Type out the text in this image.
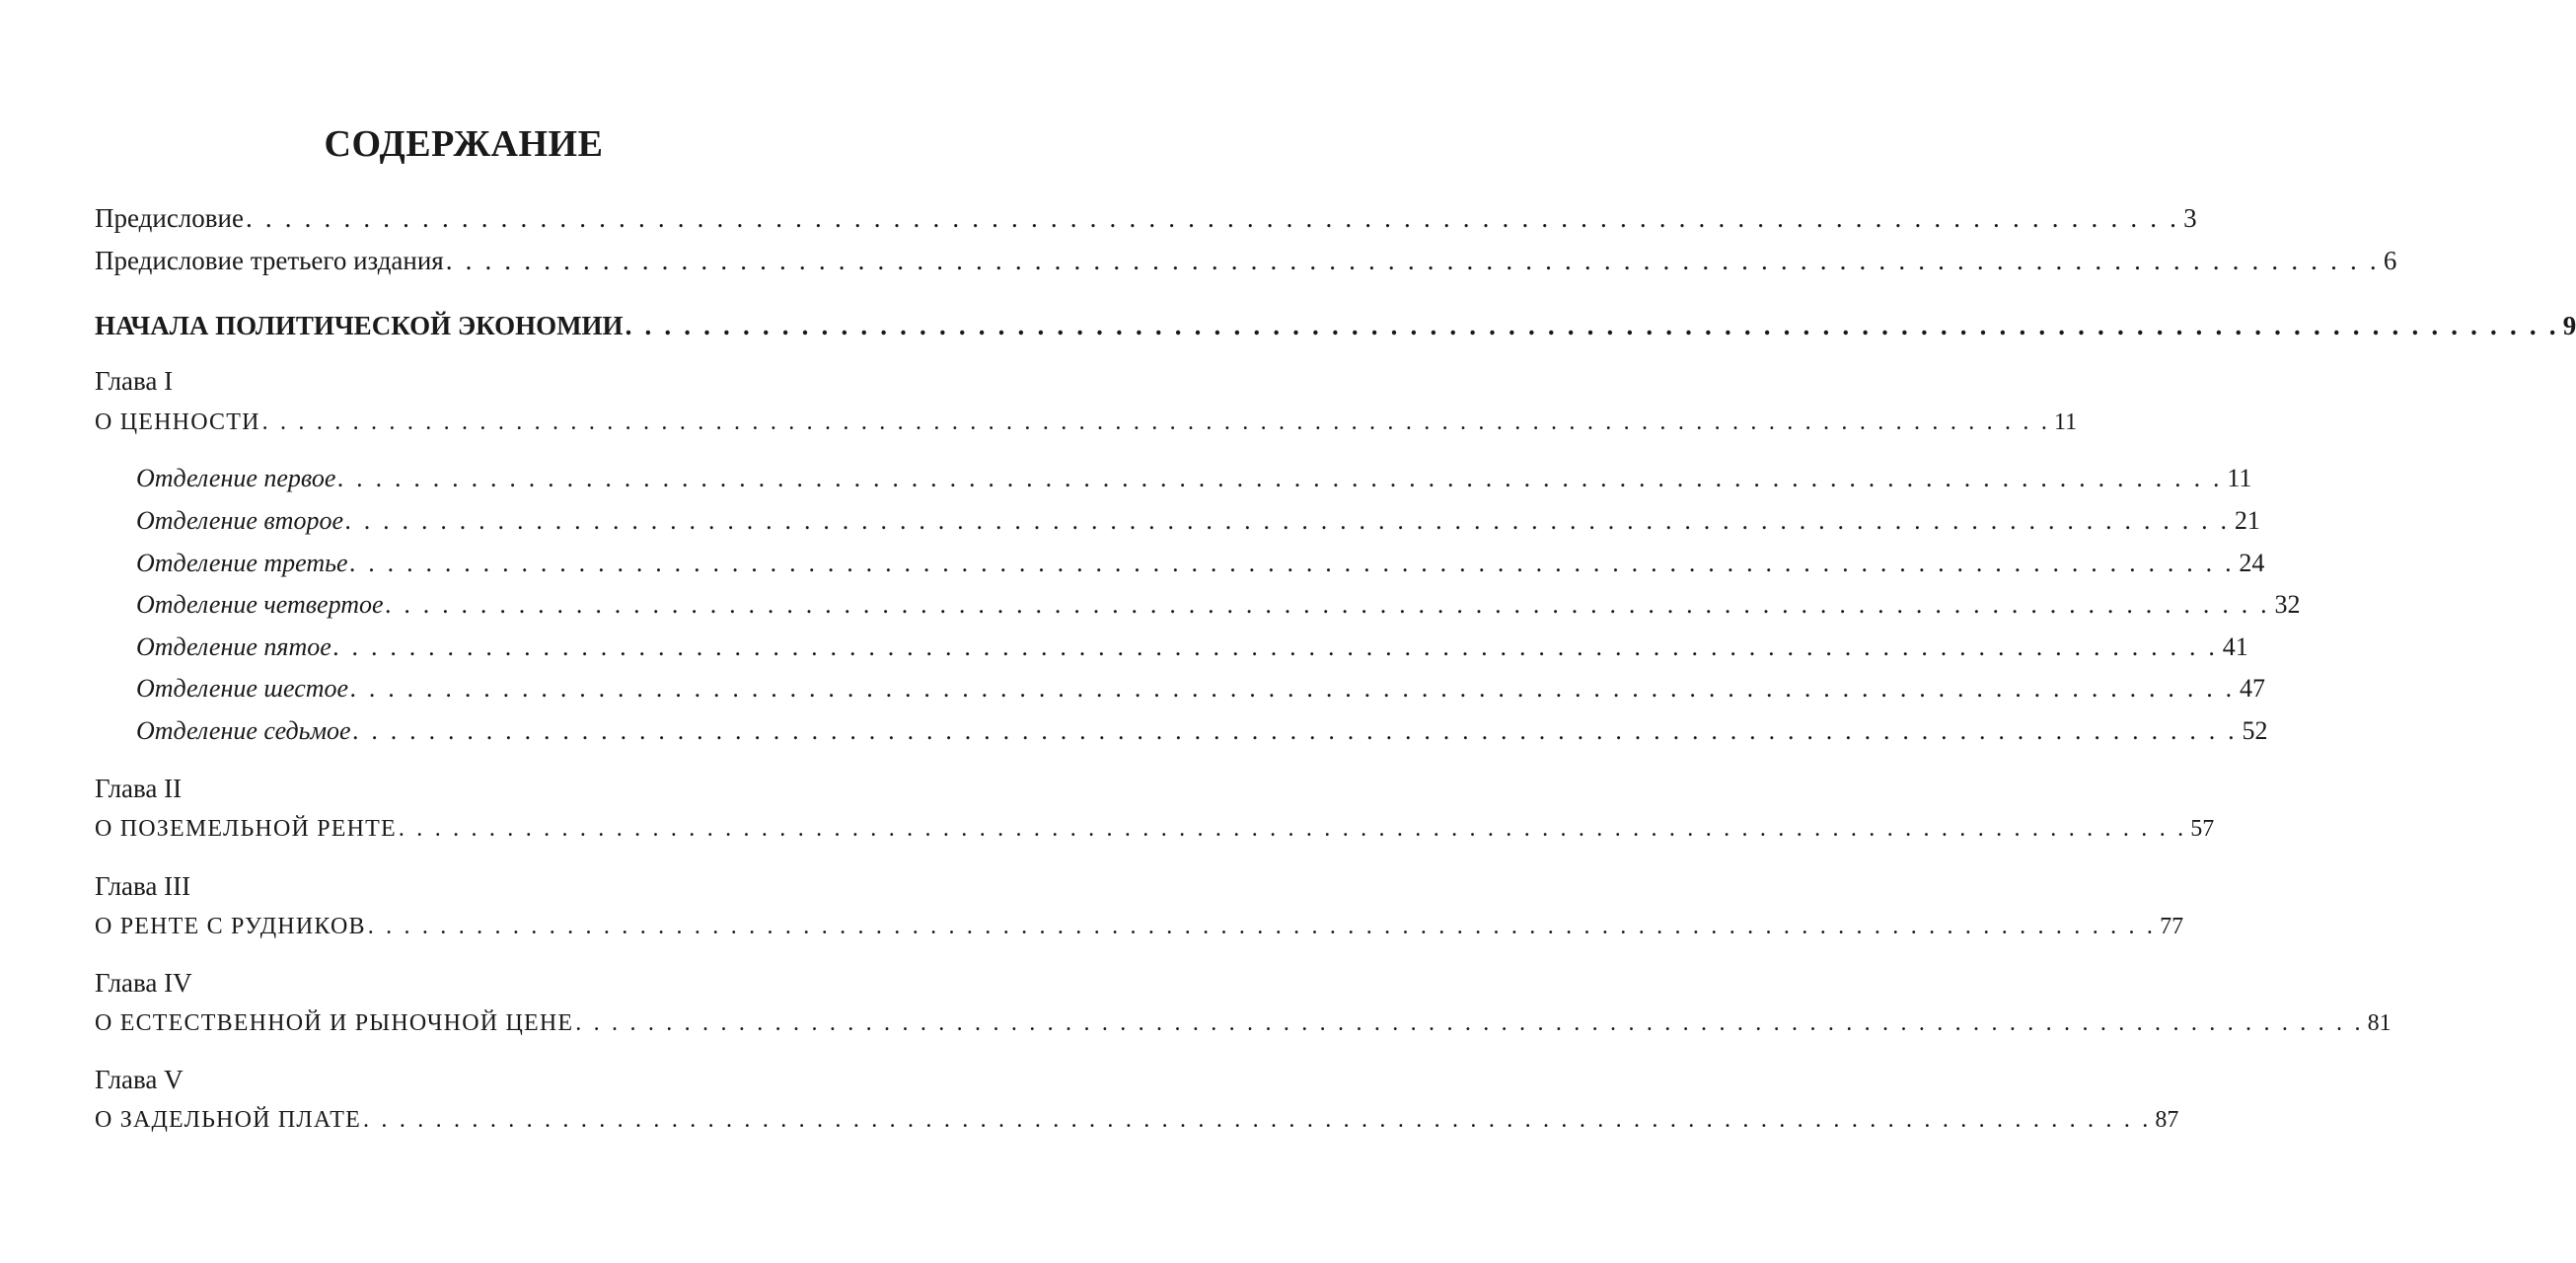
СОДЕРЖАНИЕ
Предисловие . . . . . . . . . . . . . . . . . . . . . . . . . . . . . . . . . . . . . . . . . . . . . . . . . . . . . . . . . . . . . . . . . . . . . . . . . . . . . . . . . . . . . . . . . . . . . . . . . . . 3
Предисловие третьего издания . . . . . . . . . . . . . . . . . . . . . . . . . . . . . . . . . . . . . . . . . . . . . . . . . . . . . . . . . . . . . . . . . . . . . . . . . . . . . . . . . . . . . . . . . . . . . . . . . . . 6
НАЧАЛА ПОЛИТИЧЕСКОЙ ЭКОНОМИИ . . . . . . . . . . . . . . . . . . . . . . . . . . . . . . . . . . . . . . . . . . . . . . . . . . . . . . . . . . . . . . . . . . . . . . . . . . . . . . . . . . . . . . . . . . . . . . . . . . . 9
Глава I
О ЦЕННОСТИ . . . . . . . . . . . . . . . . . . . . . . . . . . . . . . . . . . . . . . . . . . . . . . . . . . . . . . . . . . . . . . . . . . . . . . . . . . . . . . . . . . . . . . . . . . . . . . . . . . . 11
Отделение первое . . . . . . . . . . . . . . . . . . . . . . . . . . . . . . . . . . . . . . . . . . . . . . . . . . . . . . . . . . . . . . . . . . . . . . . . . . . . . . . . . . . . . . . . . . . . . . . . . . . 11
Отделение второе . . . . . . . . . . . . . . . . . . . . . . . . . . . . . . . . . . . . . . . . . . . . . . . . . . . . . . . . . . . . . . . . . . . . . . . . . . . . . . . . . . . . . . . . . . . . . . . . . . . 21
Отделение третье . . . . . . . . . . . . . . . . . . . . . . . . . . . . . . . . . . . . . . . . . . . . . . . . . . . . . . . . . . . . . . . . . . . . . . . . . . . . . . . . . . . . . . . . . . . . . . . . . . . 24
Отделение четвертое . . . . . . . . . . . . . . . . . . . . . . . . . . . . . . . . . . . . . . . . . . . . . . . . . . . . . . . . . . . . . . . . . . . . . . . . . . . . . . . . . . . . . . . . . . . . . . . . . . . 32
Отделение пятое . . . . . . . . . . . . . . . . . . . . . . . . . . . . . . . . . . . . . . . . . . . . . . . . . . . . . . . . . . . . . . . . . . . . . . . . . . . . . . . . . . . . . . . . . . . . . . . . . . . 41
Отделение шестое . . . . . . . . . . . . . . . . . . . . . . . . . . . . . . . . . . . . . . . . . . . . . . . . . . . . . . . . . . . . . . . . . . . . . . . . . . . . . . . . . . . . . . . . . . . . . . . . . . . 47
Отделение седьмое . . . . . . . . . . . . . . . . . . . . . . . . . . . . . . . . . . . . . . . . . . . . . . . . . . . . . . . . . . . . . . . . . . . . . . . . . . . . . . . . . . . . . . . . . . . . . . . . . . . 52
Глава II
О ПОЗЕМЕЛЬНОЙ РЕНТЕ . . . . . . . . . . . . . . . . . . . . . . . . . . . . . . . . . . . . . . . . . . . . . . . . . . . . . . . . . . . . . . . . . . . . . . . . . . . . . . . . . . . . . . . . . . . . . . . . . . . 57
Глава III
О РЕНТЕ С РУДНИКОВ . . . . . . . . . . . . . . . . . . . . . . . . . . . . . . . . . . . . . . . . . . . . . . . . . . . . . . . . . . . . . . . . . . . . . . . . . . . . . . . . . . . . . . . . . . . . . . . . . . . 77
Глава IV
О ЕСТЕСТВЕННОЙ И РЫНОЧНОЙ ЦЕНЕ . . . . . . . . . . . . . . . . . . . . . . . . . . . . . . . . . . . . . . . . . . . . . . . . . . . . . . . . . . . . . . . . . . . . . . . . . . . . . . . . . . . . . . . . . . . . . . . . . . . 81
Глава V
О ЗАДЕЛЬНОЙ ПЛАТЕ . . . . . . . . . . . . . . . . . . . . . . . . . . . . . . . . . . . . . . . . . . . . . . . . . . . . . . . . . . . . . . . . . . . . . . . . . . . . . . . . . . . . . . . . . . . . . . . . . . . 87
